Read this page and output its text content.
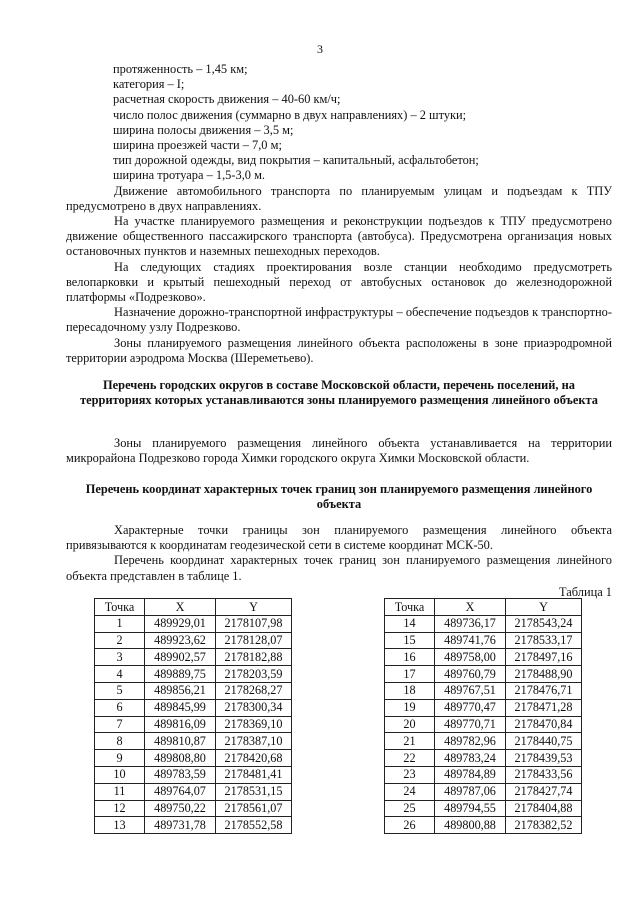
3

протяженность – 1,45 км;

категория – I;

расчетная скорость движения – 40-60 км/ч;

число полос движения (суммарно в двух направлениях) – 2 штуки;

ширина полосы движения – 3,5 м;

ширина проезжей части – 7,0 м;

тип дорожной одежды, вид покрытия – капитальный, асфальтобетон;

ширина тротуара – 1,5-3,0 м.

Движение автомобильного транспорта по планируемым улицам и подъездам к ТПУ предусмотрено в двух направлениях.

На участке планируемого размещения и реконструкции подъездов к ТПУ предусмотрено движение общественного пассажирского транспорта (автобуса). Предусмотрена организация новых остановочных пунктов и наземных пешеходных переходов.

На следующих стадиях проектирования возле станции необходимо предусмотреть велопарковки и крытый пешеходный переход от автобусных остановок до железнодорожной платформы «Подрезково».

Назначение дорожно-транспортной инфраструктуры – обеспечение подъездов к транспортно-пересадочному узлу Подрезково.

Зоны планируемого размещения линейного объекта расположены в зоне приаэродромной территории аэродрома Москва (Шереметьево).

Перечень городских округов в составе Московской области, перечень поселений, на территориях которых устанавливаются зоны планируемого размещения линейного объекта

Зоны планируемого размещения линейного объекта устанавливается на территории микрорайона Подрезково города Химки городского округа Химки Московской области.

Перечень координат характерных точек границ зон планируемого размещения линейного объекта

Характерные точки границы зон планируемого размещения линейного объекта привязываются к координатам геодезической сети в системе координат МСК-50.

Перечень координат характерных точек границ зон планируемого размещения линейного объекта представлен в таблице 1.

Таблица 1
Точка	X	Y
1	489929,01	2178107,98
2	489923,62	2178128,07
3	489902,57	2178182,88
4	489889,75	2178203,59
5	489856,21	2178268,27
6	489845,99	2178300,34
7	489816,09	2178369,10
8	489810,87	2178387,10
9	489808,80	2178420,68
10	489783,59	2178481,41
11	489764,07	2178531,15
12	489750,22	2178561,07
13	489731,78	2178552,58
Точка	X	Y
14	489736,17	2178543,24
15	489741,76	2178533,17
16	489758,00	2178497,16
17	489760,79	2178488,90
18	489767,51	2178476,71
19	489770,47	2178471,28
20	489770,71	2178470,84
21	489782,96	2178440,75
22	489783,24	2178439,53
23	489784,89	2178433,56
24	489787,06	2178427,74
25	489794,55	2178404,88
26	489800,88	2178382,52
